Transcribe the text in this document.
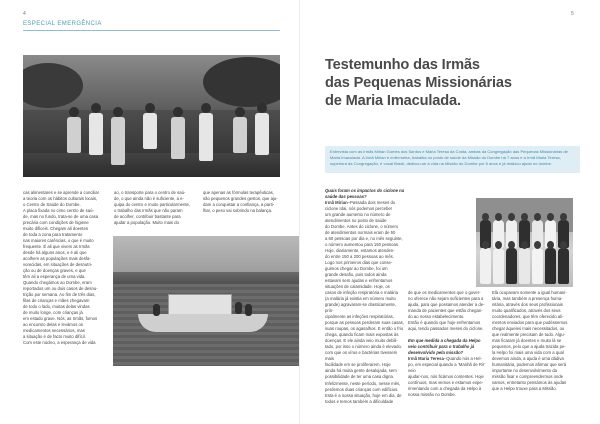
4
ESPECIAL EMERGÊNCIA
cas alimentares e se aprende a conciliar
a teoria com os hábitos culturais locais,
o Centro de Saúde do Dombe.
A placa fixada no cimo centro de saú-
de, mas no fundo, trata-se de uma casa
precária com condições de higiene
muito difíceis. Chegam ali doentes
de toda a zona para tratamento
nas maiores carências, o que é muito
frequente. É ali que vivem as Irmãs
desde há alguns anos, e é ali que
acolhem as populações mais desfa-
vorecidas, em situações de desnutri-
ção ou de doenças graves, e que
têm ali a esperança de uma vida.
Quando chegámos ao Dombe, eram
reportados um ou dois casos de desnu-
trição por semana. Ao fim de três dias,
filas de crianças e mães chegavam
de todo o lado, muitas delas vindas
de muito longe, com crianças já
em estado grave. Nós, as Irmãs, fomos
ao encontro delas e levámos os
medicamentos necessários, mas
a situação é de facto muito difícil.
Com este núcleo, a esperança de vida
ao, o transporte para o centro de saú-
de, o que ainda não é suficiente, a e-
quipa do centro e muito particularmente,
o trabalho das Irmãs que não param
de acolher, contribuir bastante para
ajudar a população. Muito mais do
que apenas as fórmulas terapêuticas,
são pequenos grandes gestos, que aju-
dam a conquistar a confiança, a parti-
lhar, o peso vai sobrindo na balança.
5
Testemunho das Irmãs
das Pequenas Missionárias
de Maria Imaculada.

Entrevista com as Irmãs Mirian Gomes dos Santos e Maria Teresa da Costa, ambas da Congregação das Pequenas Missionárias de Maria Imaculada. A Irmã Mirian é enfermeira, trabalha no posto de saúde da Missão do Dombe há 7 anos e a Irmã Maria Teresa, superiora da Congregação, é vocal Brasil, dedicou-se à vida na Missão do Dombe por 6 anos e já realizou ajuda no dombe.

Quais foram os impactos do ciclone na saúde das pessoas?
Irmã Mirian–Passada dois meses do
ciclone Idai, nós podemos perceber
um grande aumento no número de
atendimentos no posto de saúde
do Dombe. Antes do ciclone, o número
de atendimentos normais eram de 50
a 60 pessoas por dia e, no mês seguinte,
o número aumentou para 150 pessoas.
Hoje, diariamente, estamos atenden-
do entre 150 a 200 pessoas ao mês.
Logo nos primeiros dias que conse-
guimos chegar ao Dombe, foi um
grande desafio, pois todos ainda
estavam sem ajudas e enfrentamos
situações de calamidade. Hoje, os
casos de infeção respiratória e malária
(a malária já existia em número muito
grande) agravaram-se drasticamente, prin-
cipalmente as infeções respiratórias,
porque as pessoas perderam suas casas,
suas roupas, os agasalhos. E então o frio
chega, quando ficam mais expostas às
doenças. E ele ainda veio muito debili-
tado, por isso o número ainda é elevado.
com que os vírus e bactérias tivessem mais
facilidade em se proliferarem. Hoje
ainda há muita gente desalojada, sem
possibilidade de ter uma casa digna.
Infelizmente, neste período, nesse mês,
perdemos duas crianças com edifícios.
Esta é a nossa situação, hoje em dia, de
todos e temos também a dificuldade
de que os medicamentos que o gover-
no oferece não sejam suficientes para a
ajuda, para que possamos atender a de-
manda de pacientes que estão chegan-
do ao nosso estabelecimento.
Então é quando que hoje enfrentamos
aqui, tendo passados meses do ciclone.
Em que medida a chegada da Helpo veio contribuir para o trabalho já desenvolvido pela missão?
Irmã Maria Teresa–Quando nós a Hel-
po, em especial quando a ‘Manhã de Rir’ veio
ajudar-nos, nós ficámos contentes. Hoje
contínuos, mas vemos e estamos expe-
rimentando com a chegada da Helpo à
nossa missão no Dombe.
Elà ocupavam somente a igual humani-
tária, mas também a presença huma-
nitária, através dos seus profissionais
muito qualificados, através dos seus
coordenadores, que têm oferecido ali-
mentos enviados para que pudéssemos
chegar àqueles mais necessitados, ou
que realmente precisam de tudo. Algu-
mas ficaram já doentes e muito lá se
pequenos, pelo que a ajuda trazida pe-
la Helpo foi mais uma vida com a qual
devemos ainda, a ajuda é uma dádiva
humanitária, podemos afirmar que será
importante no desenvolvimento da
missão fixar e compreendermos onde
vamos, entretanto pensámos às ajudas
que a Helpo trouxe para a Missão.
